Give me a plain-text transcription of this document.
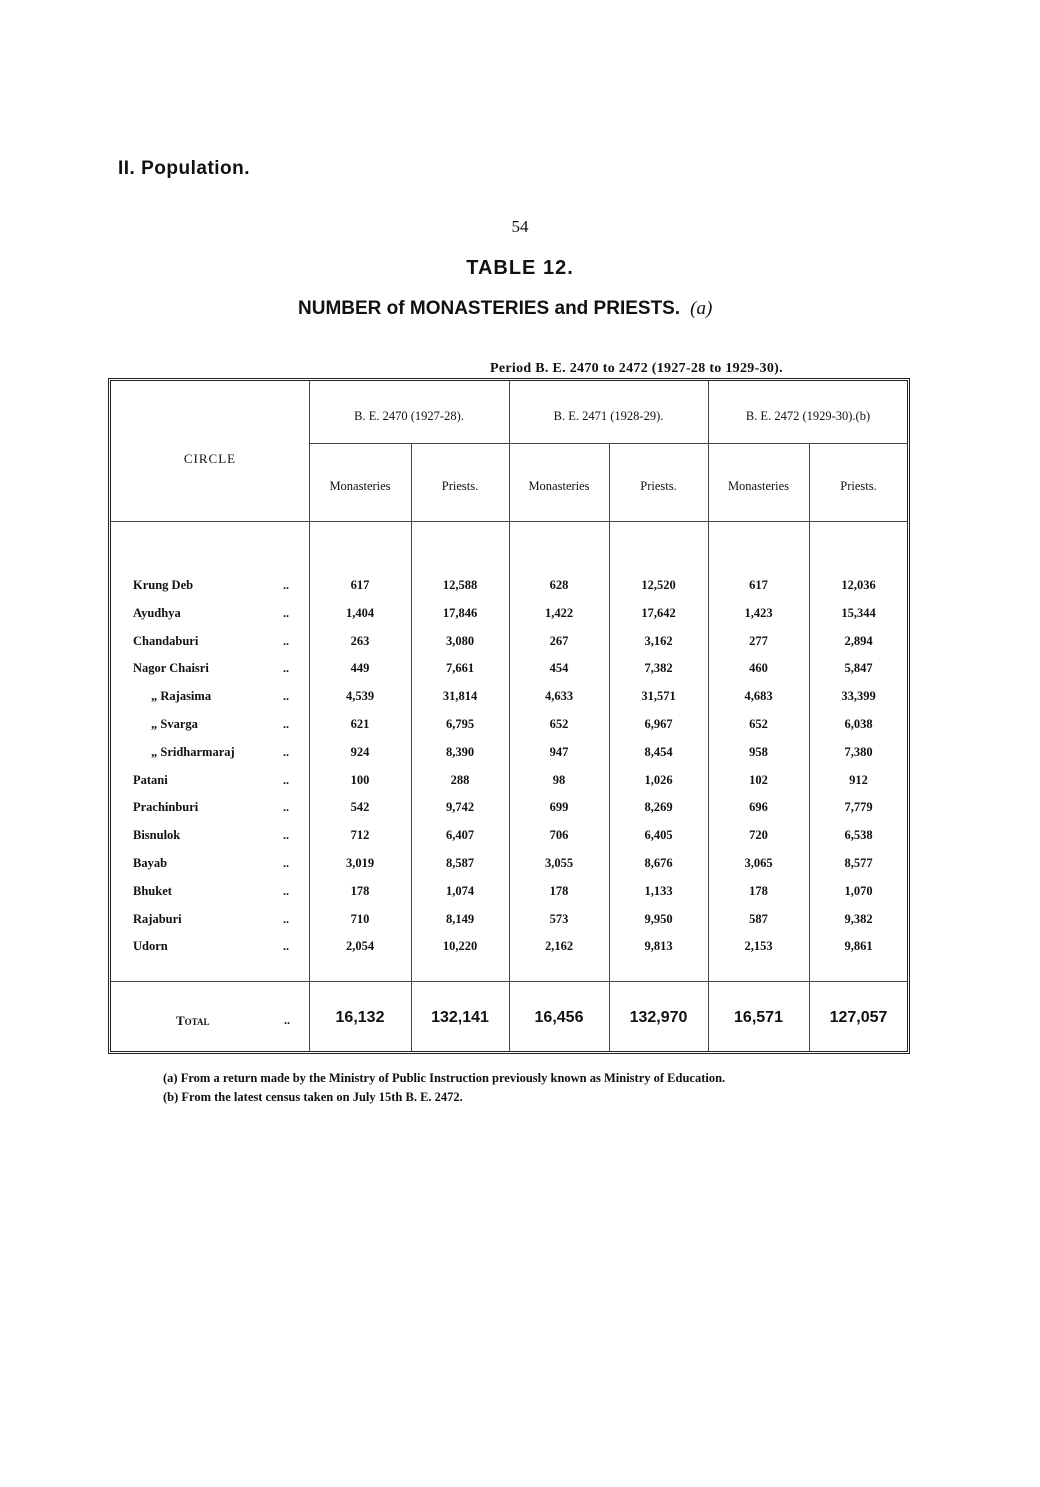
II. Population.
54
TABLE 12.
NUMBER of MONASTERIES and PRIESTS. (a)
Period B. E. 2470 to 2472 (1927-28 to 1929-30).
CIRCLE
B. E. 2470 (1927-28).	B. E. 2471 (1928-29).	B. E. 2472 (1929-30).(b)
Monasteries	Priests.	Monasteries	Priests.	Monasteries	Priests.
Krung Deb	..	617	12,588	628	12,520	617	12,036
Ayudhya	..	1,404	17,846	1,422	17,642	1,423	15,344
Chandaburi	..	263	3,080	267	3,162	277	2,894
Nagor Chaisri	..	449	7,661	454	7,382	460	5,847
„ Rajasima	..	4,539	31,814	4,633	31,571	4,683	33,399
„ Svarga	..	621	6,795	652	6,967	652	6,038
„ Sridharmaraj	..	924	8,390	947	8,454	958	7,380
Patani	..	100	288	98	1,026	102	912
Prachinburi	..	542	9,742	699	8,269	696	7,779
Bisnulok	..	712	6,407	706	6,405	720	6,538
Bayab	..	3,019	8,587	3,055	8,676	3,065	8,577
Bhuket	..	178	1,074	178	1,133	178	1,070
Rajaburi	..	710	8,149	573	9,950	587	9,382
Udorn	..	2,054	10,220	2,162	9,813	2,153	9,861
Total	..	16,132	132,141	16,456	132,970	16,571	127,057
(a) From a return made by the Ministry of Public Instruction previously known as Ministry of Education.
(b) From the latest census taken on July 15th B. E. 2472.
